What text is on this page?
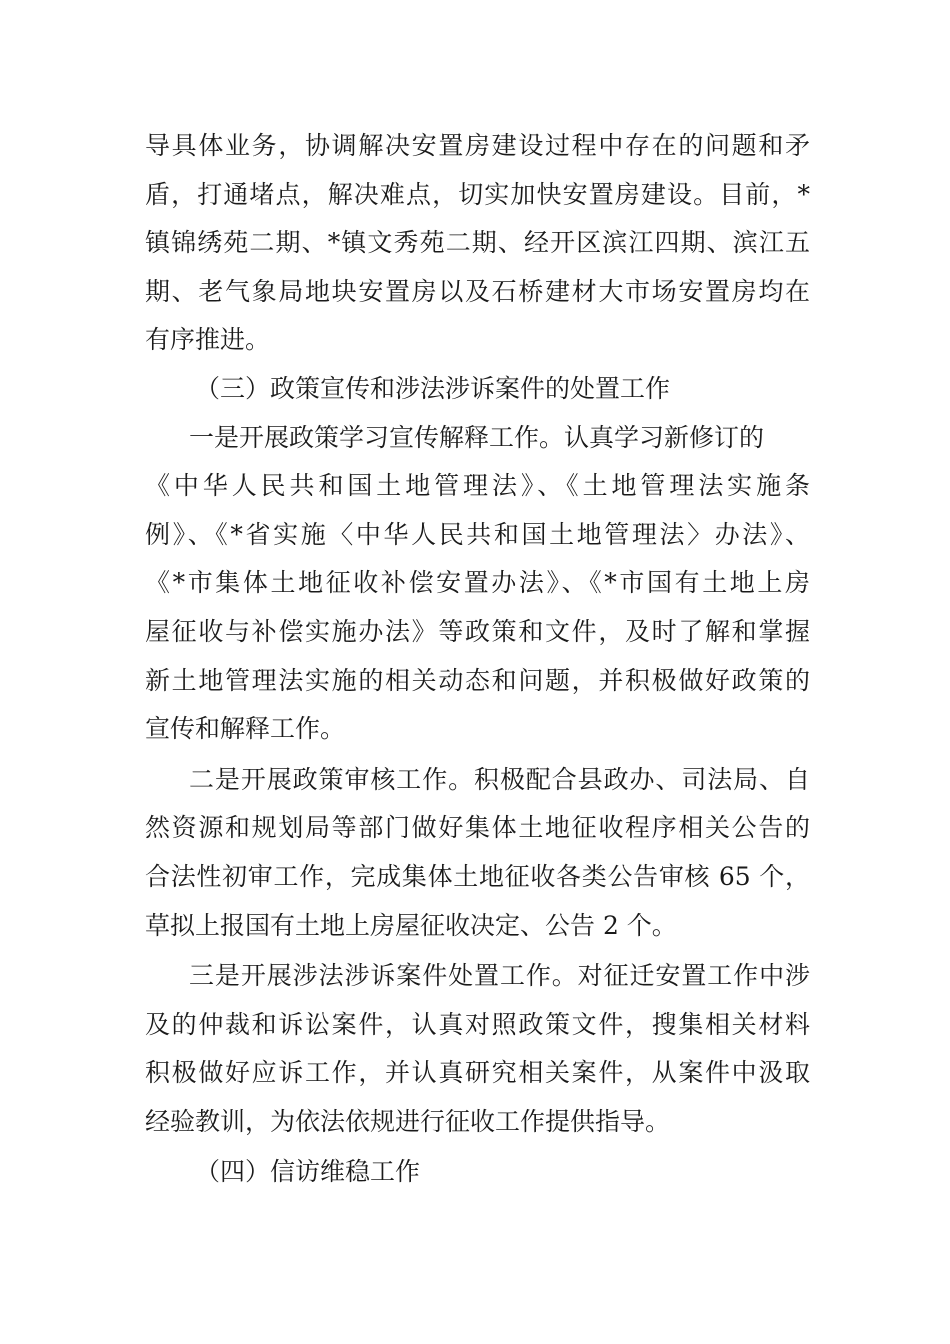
导具体业务，协调解决安置房建设过程中存在的问题和矛
盾，打通堵点，解决难点，切实加快安置房建设。目前，*
镇锦绣苑二期、*镇文秀苑二期、经开区滨江四期、滨江五
期、老气象局地块安置房以及石桥建材大市场安置房均在
有序推进。
（三）政策宣传和涉法涉诉案件的处置工作
一是开展政策学习宣传解释工作。认真学习新修订的
《中华人民共和国土地管理法》、《土地管理法实施条
例》、《*省实施〈中华人民共和国土地管理法〉办法》、
《*市集体土地征收补偿安置办法》、《*市国有土地上房
屋征收与补偿实施办法》等政策和文件，及时了解和掌握
新土地管理法实施的相关动态和问题，并积极做好政策的
宣传和解释工作。
二是开展政策审核工作。积极配合县政办、司法局、自
然资源和规划局等部门做好集体土地征收程序相关公告的
合法性初审工作，完成集体土地征收各类公告审核 65 个，
草拟上报国有土地上房屋征收决定、公告 2 个。
三是开展涉法涉诉案件处置工作。对征迁安置工作中涉
及的仲裁和诉讼案件，认真对照政策文件，搜集相关材料
积极做好应诉工作，并认真研究相关案件，从案件中汲取
经验教训，为依法依规进行征收工作提供指导。
（四）信访维稳工作
